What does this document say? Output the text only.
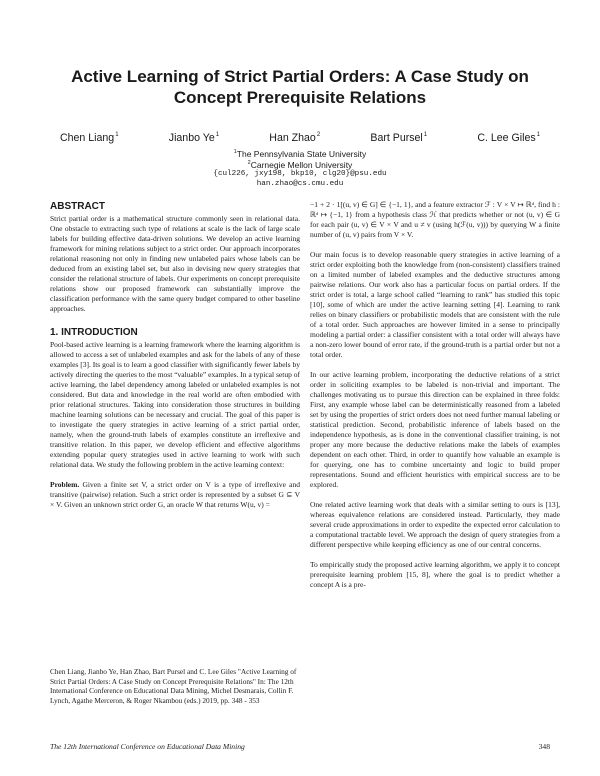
Active Learning of Strict Partial Orders: A Case Study on
Concept Prerequisite Relations
Chen Liang$^1$	Jianbo Ye$^1$	Han Zhao$^2$	Bart Pursel$^1$	C. Lee Giles$^1$
$^1$The Pennsylvania State University
$^2$Carnegie Mellon University
{cul226, jxy198, bkp10, clg20}@psu.edu
han.zhao@cs.cmu.edu
ABSTRACT

Strict partial order is a mathematical structure commonly seen in relational data. One obstacle to extracting such type of relations at scale is the lack of large scale labels for building effective data-driven solutions. We develop an active learning framework for mining relations subject to a strict order. Our approach incorporates relational reasoning not only in finding new unlabeled pairs whose labels can be deduced from an existing label set, but also in devising new query strategies that consider the relational structure of labels. Our experiments on concept prerequisite relations show our proposed framework can substantially improve the classification performance with the same query budget compared to other baseline approaches.

1. INTRODUCTION

Pool-based active learning is a learning framework where the learning algorithm is allowed to access a set of unlabeled examples and ask for the labels of any of these examples [3]. Its goal is to learn a good classifier with significantly fewer labels by actively directing the queries to the most “valuable” examples. In a typical setup of active learning, the label dependency among labeled or unlabeled examples is not considered. But data and knowledge in the real world are often embodied with prior relational structures. Taking into consideration those structures in building machine learning solutions can be necessary and crucial. The goal of this paper is to investigate the query strategies in active learning of a strict partial order, namely, when the ground-truth labels of examples constitute an irreflexive and transitive relation. In this paper, we develop efficient and effective algorithms extending popular query strategies used in active learning to work with such relational data. We study the following problem in the active learning context:

Problem. Given a finite set V, a strict order on V is a type of irreflexive and transitive (pairwise) relation. Such a strict order is represented by a subset G ⊆ V × V. Given an unknown strict order G, an oracle W that returns W(u, v) =

Chen Liang, Jianbo Ye, Han Zhao, Bart Pursel and C. Lee Giles "Active Learning of Strict Partial Orders: A Case Study on Concept Prerequisite Relations" In: The 12th International Conference on Educational Data Mining, Michel Desmarais, Collin F. Lynch, Agathe Merceron, & Roger Nkambou (eds.) 2019, pp. 348 - 353

−1 + 2 · 1[(u, v) ∈ G] ∈ {−1, 1}, and a feature extractor ℱ : V × V ↦ ℝᵈ, find h : ℝᵈ ↦ {−1, 1} from a hypothesis class ℋ that predicts whether or not (u, v) ∈ G for each pair (u, v) ∈ V × V and u ≠ v (using h(ℱ(u, v))) by querying W a finite number of (u, v) pairs from V × V.

Our main focus is to develop reasonable query strategies in active learning of a strict order exploiting both the knowledge from (non-consistent) classifiers trained on a limited number of labeled examples and the deductive structures among pairwise relations. Our work also has a particular focus on partial orders. If the strict order is total, a large school called “learning to rank” has studied this topic [10], some of which are under the active learning setting [4]. Learning to rank relies on binary classifiers or probabilistic models that are consistent with the rule of a total order. Such approaches are however limited in a sense to principally modeling a partial order: a classifier consistent with a total order will always have a non-zero lower bound of error rate, if the ground-truth is a partial order but not a total order.

In our active learning problem, incorporating the deductive relations of a strict order in soliciting examples to be labeled is non-trivial and important. The challenges motivating us to pursue this direction can be explained in three folds: First, any example whose label can be deterministically reasoned from a labeled set by using the properties of strict orders does not need further manual labeling or statistical prediction. Second, probabilistic inference of labels based on the independence hypothesis, as is done in the conventional classifier training, is not proper any more because the deductive relations make the labels of examples dependent on each other. Third, in order to quantify how valuable an example is for querying, one has to combine uncertainty and logic to build proper representations. Sound and efficient heuristics with empirical success are to be explored.

One related active learning work that deals with a similar setting to ours is [13], whereas equivalence relations are considered instead. Particularly, they made several crude approximations in order to expedite the expected error calculation to a computational tractable level. We approach the design of query strategies from a different perspective while keeping efficiency as one of our central concerns.

To empirically study the proposed active learning algorithm, we apply it to concept prerequisite learning problem [15, 8], where the goal is to predict whether a concept A is a pre-

The 12th International Conference on Educational Data Mining	348
